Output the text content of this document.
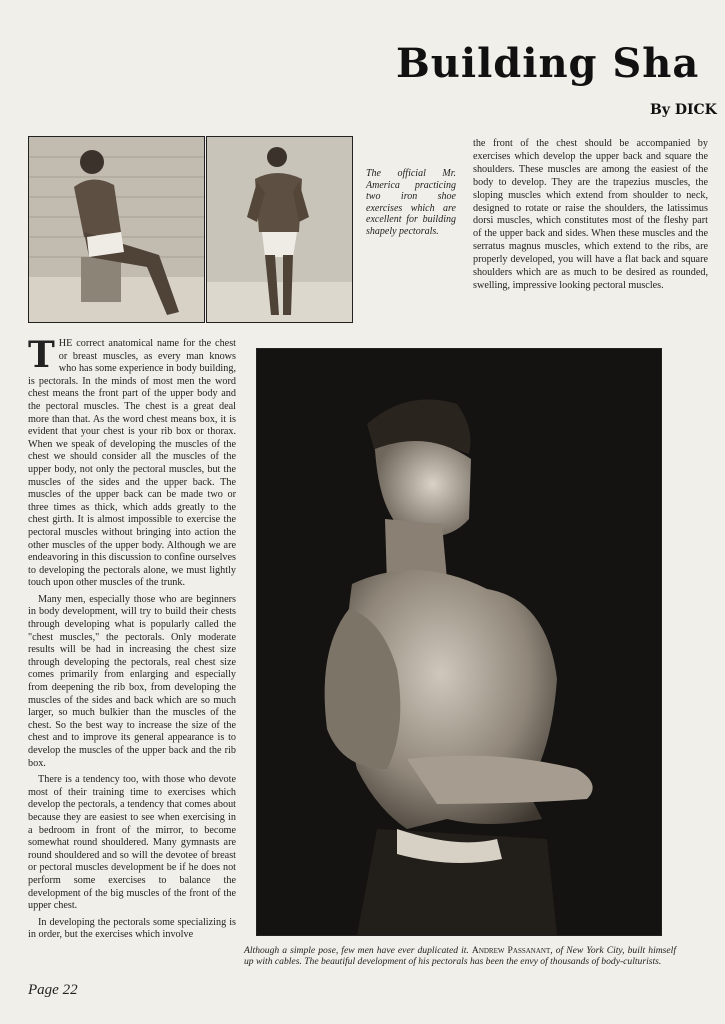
Building Sha
By DICK

The official Mr. America practicing two iron shoe exercises which are excellent for building shapely pectorals.

the front of the chest should be accompanied by exercises which develop the upper back and square the shoulders. These muscles are among the easiest of the body to develop. They are the trapezius muscles, the sloping muscles which extend from shoulder to neck, designed to rotate or raise the shoulders, the latissimus dorsi muscles, which constitutes most of the fleshy part of the upper back and sides. When these muscles and the serratus magnus muscles, which extend to the ribs, are properly developed, you will have a flat back and square shoulders which are as much to be desired as rounded, swelling, impressive looking pectoral muscles.

THE correct anatomical name for the chest or breast muscles, as every man knows who has some experience in body building, is pectorals. In the minds of most men the word chest means the front part of the upper body and the pectoral muscles. The chest is a great deal more than that. As the word chest means box, it is evident that your chest is your rib box or thorax. When we speak of developing the muscles of the chest we should consider all the muscles of the upper body, not only the pectoral muscles, but the muscles of the sides and the upper back. The muscles of the upper back can be made two or three times as thick, which adds greatly to the chest girth. It is almost impossible to exercise the pectoral muscles without bringing into action the other muscles of the upper body. Although we are endeavoring in this discussion to confine ourselves to developing the pectorals alone, we must lightly touch upon other muscles of the trunk.

Many men, especially those who are beginners in body development, will try to build their chests through developing what is popularly called the "chest muscles," the pectorals. Only moderate results will be had in increasing the chest size through developing the pectorals, real chest size comes primarily from enlarging and especially from deepening the rib box, from developing the muscles of the sides and back which are so much larger, so much bulkier than the muscles of the chest. So the best way to increase the size of the chest and to improve its general appearance is to develop the muscles of the upper back and the rib box.

There is a tendency too, with those who devote most of their training time to exercises which develop the pectorals, a tendency that comes about because they are easiest to see when exercising in a bedroom in front of the mirror, to become somewhat round shouldered. Many gymnasts are round shouldered and so will the devotee of breast or pectoral muscles development be if he does not perform some exercises to balance the development of the big muscles of the front of the upper chest.

In developing the pectorals some specializing is in order, but the exercises which involve

Although a simple pose, few men have ever duplicated it. Andrew Passanant, of New York City, built himself up with cables. The beautiful development of his pectorals has been the envy of thousands of body-culturists.

Page 22
